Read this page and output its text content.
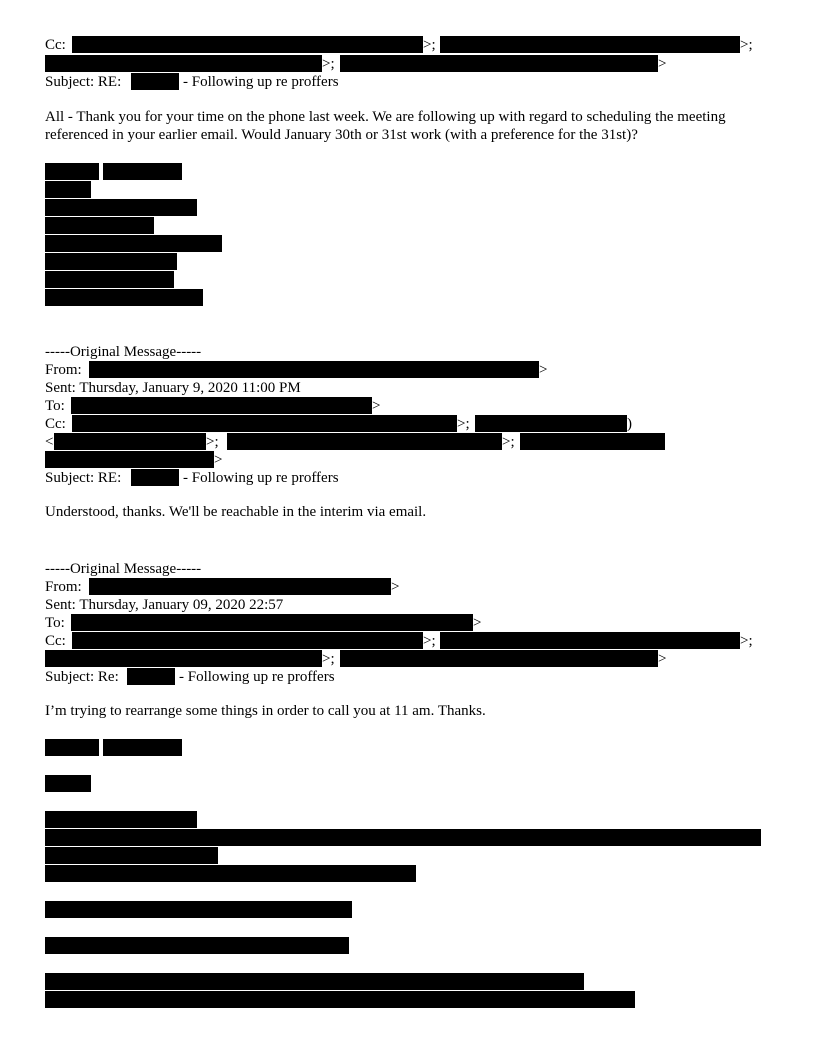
Cc:	>;	>;
>;	>
Subject: RE:	- Following up re proffers
All - Thank you for your time on the phone last week. We are following up with regard to scheduling the meeting referenced in your earlier email. Would January 30th or 31st work (with a preference for the 31st)?
-----Original Message-----
From:	>
Sent: Thursday, January 9, 2020 11:00 PM
To:	>
Cc:	>;	)
<	>;	>;
>
Subject: RE:	- Following up re proffers
Understood, thanks. We'll be reachable in the interim via email.
-----Original Message-----
From:	>
Sent: Thursday, January 09, 2020 22:57
To:	>
Cc:	>;	>;
>;	>
Subject: Re:	- Following up re proffers
I’m trying to rearrange some things in order to call you at 11 am. Thanks.
